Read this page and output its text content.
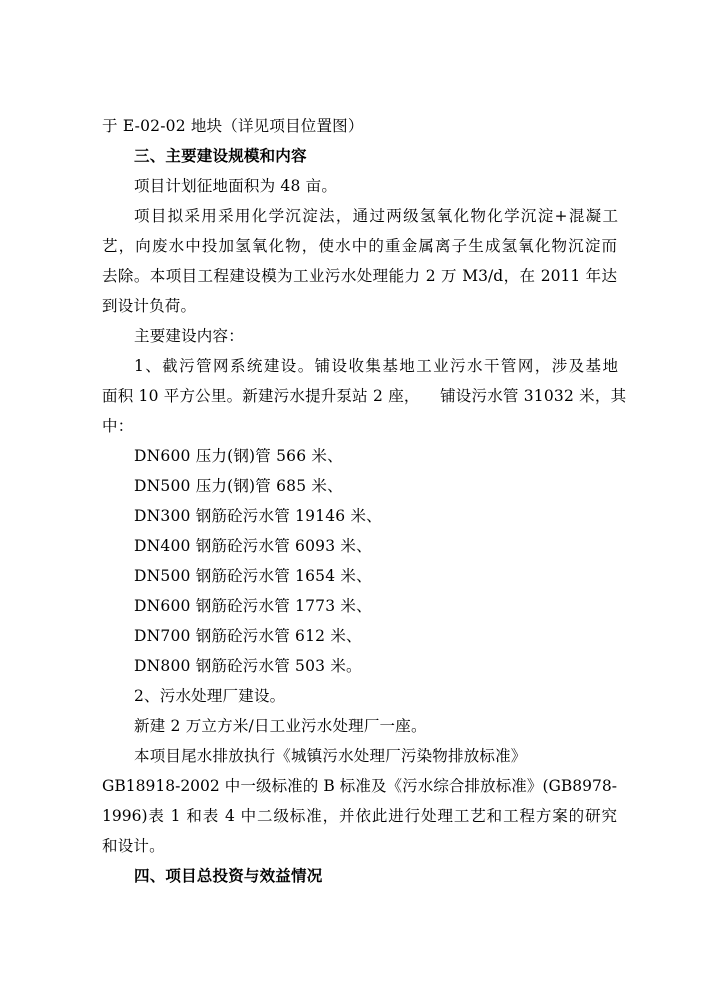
于 E-02-02 地块（详见项目位置图）
三、主要建设规模和内容
项目计划征地面积为 48 亩。
项目拟采用采用化学沉淀法，通过两级氢氧化物化学沉淀+混凝工
艺，向废水中投加氢氧化物，使水中的重金属离子生成氢氧化物沉淀而
去除。本项目工程建设模为工业污水处理能力 2 万 M3/d，在 2011 年达
到设计负荷。
主要建设内容：
1、截污管网系统建设。铺设收集基地工业污水干管网，涉及基地
面积 10 平方公里。新建污水提升泵站 2 座，    铺设污水管 31032 米，其
中：
DN600 压力(钢)管 566 米、
DN500 压力(钢)管 685 米、
DN300 钢筋砼污水管 19146 米、
DN400 钢筋砼污水管 6093 米、
DN500 钢筋砼污水管 1654 米、
DN600 钢筋砼污水管 1773 米、
DN700 钢筋砼污水管 612 米、
DN800 钢筋砼污水管 503 米。
2、污水处理厂建设。
新建 2 万立方米/日工业污水处理厂一座。
本项目尾水排放执行《城镇污水处理厂污染物排放标准》
GB18918-2002 中一级标准的 B 标准及《污水综合排放标准》(GB8978-
1996)表 1 和表 4 中二级标准，并依此进行处理工艺和工程方案的研究
和设计。
四、项目总投资与效益情况
